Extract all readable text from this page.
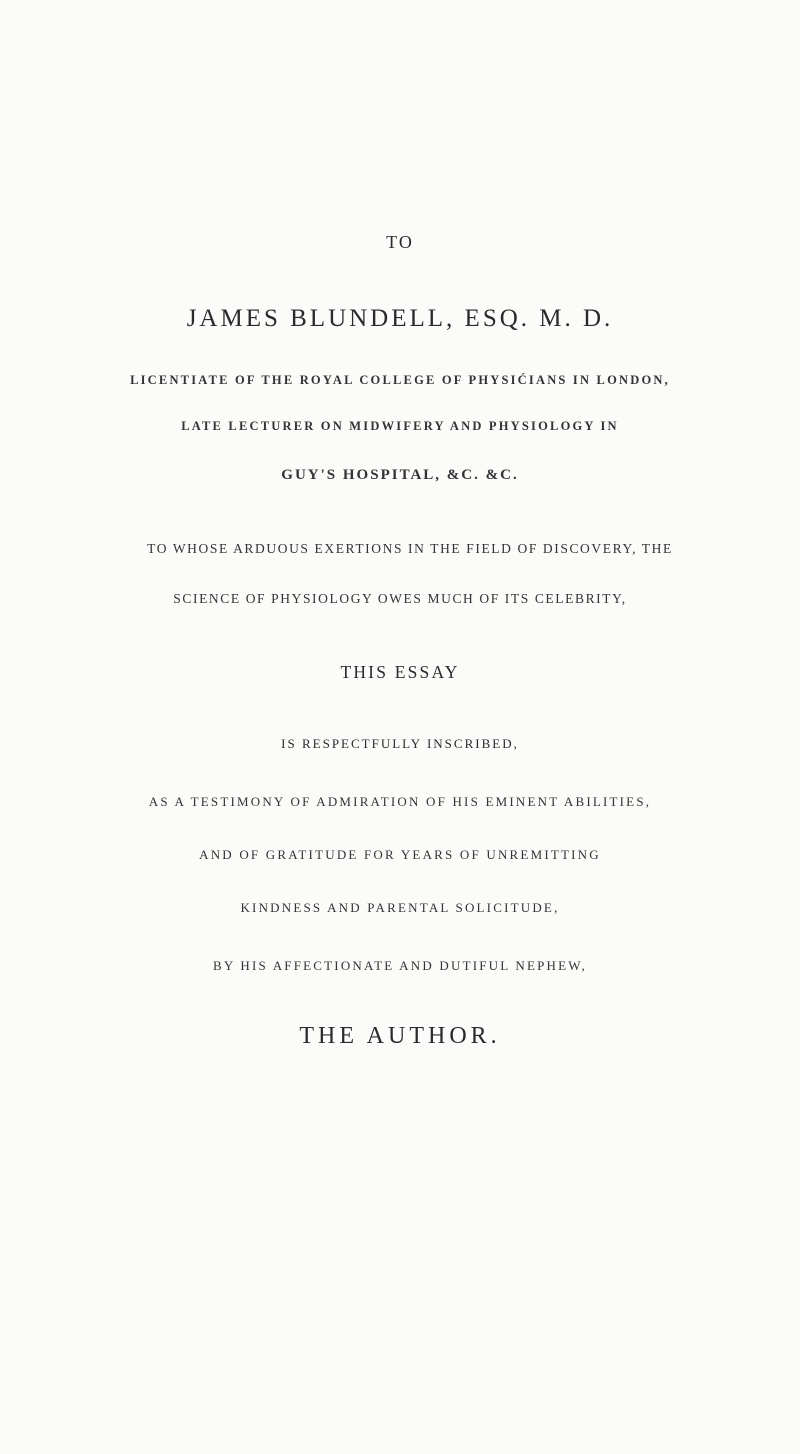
TO
JAMES BLUNDELL, ESQ. M. D.
LICENTIATE OF THE ROYAL COLLEGE OF PHYSIĆIANS IN LONDON,
LATE LECTURER ON MIDWIFERY AND PHYSIOLOGY IN
GUY'S HOSPITAL, &C. &C.
TO WHOSE ARDUOUS EXERTIONS IN THE FIELD OF DISCOVERY, THE
SCIENCE OF PHYSIOLOGY OWES MUCH OF ITS CELEBRITY,
THIS ESSAY
IS RESPECTFULLY INSCRIBED,
AS A TESTIMONY OF ADMIRATION OF HIS EMINENT ABILITIES,
AND OF GRATITUDE FOR YEARS OF UNREMITTING
KINDNESS AND PARENTAL SOLICITUDE,
BY HIS AFFECTIONATE AND DUTIFUL NEPHEW,
THE AUTHOR.
